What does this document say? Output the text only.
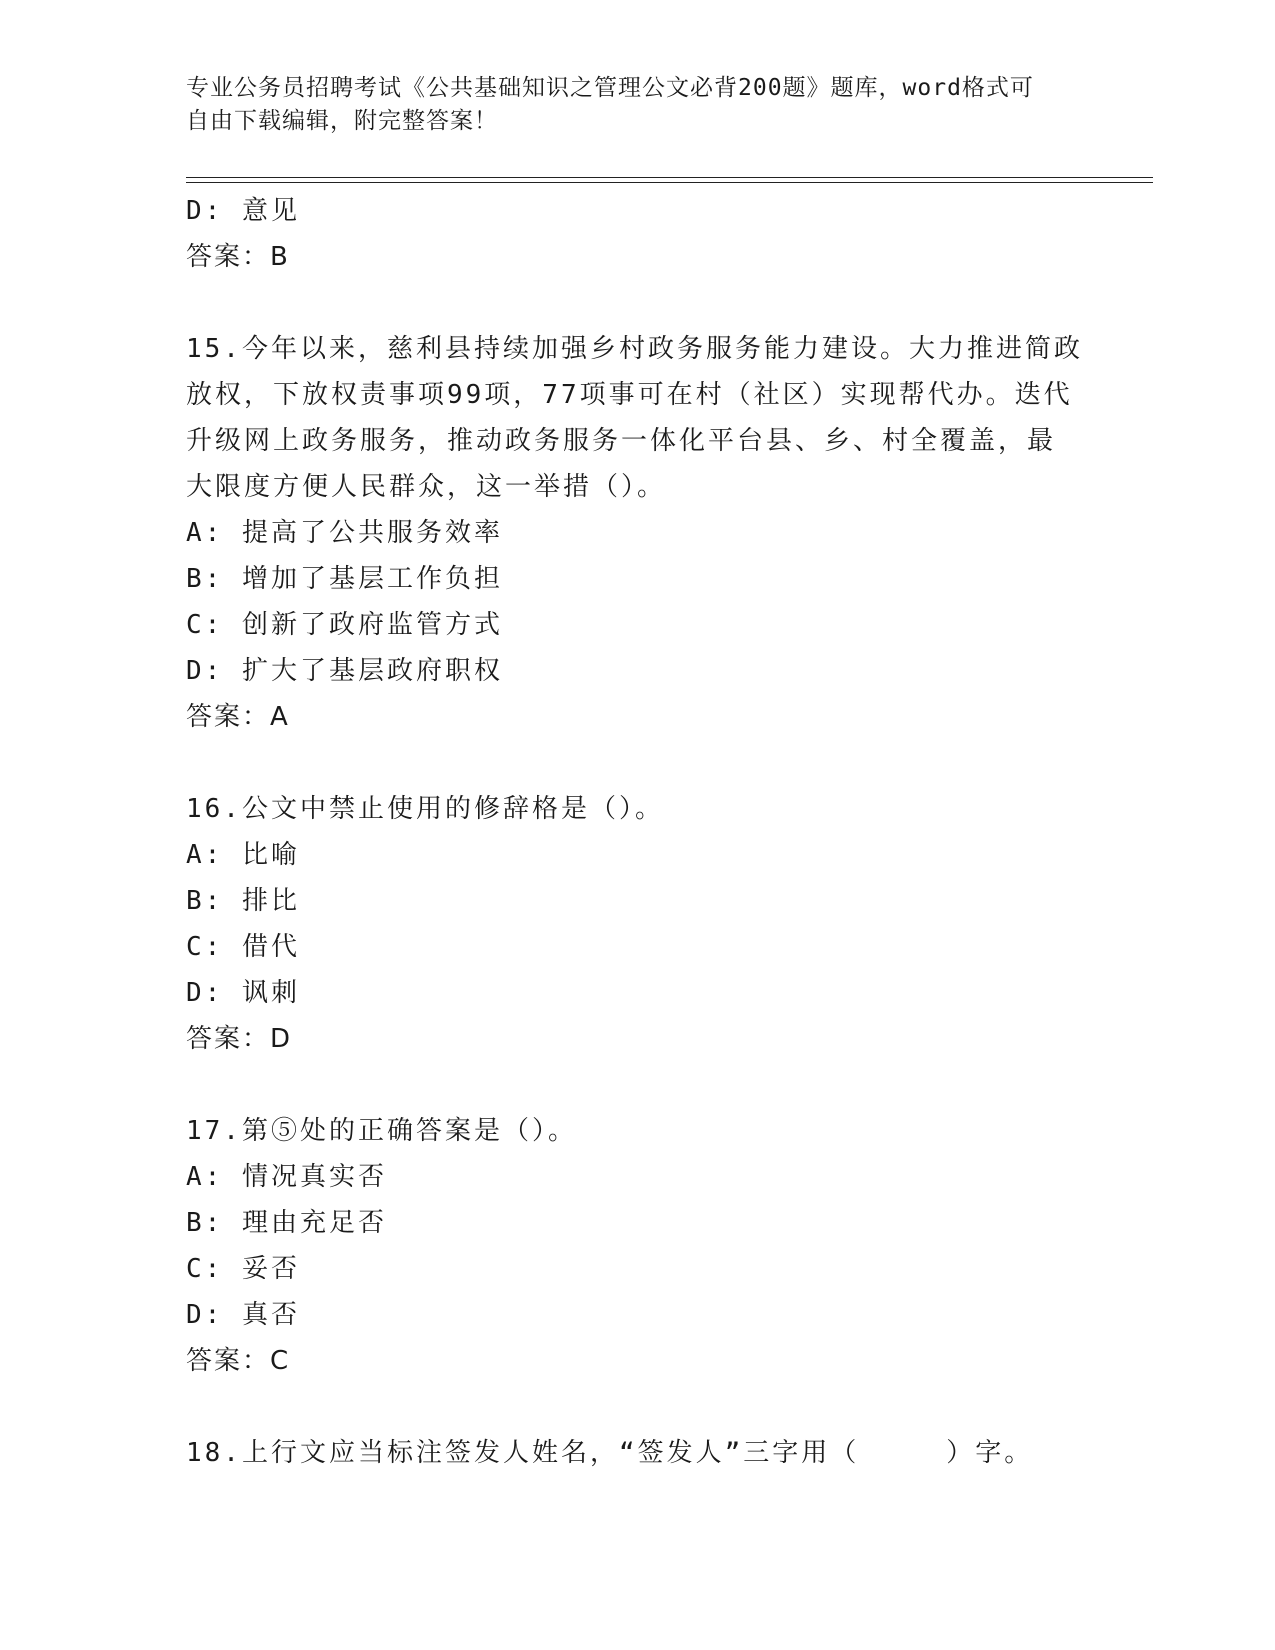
专业公务员招聘考试《公共基础知识之管理公文必背200题》题库，word格式可
自由下载编辑，附完整答案！
D: 意见
答案：B
15.今年以来，慈利县持续加强乡村政务服务能力建设。大力推进简政
放权，下放权责事项99项，77项事可在村（社区）实现帮代办。迭代
升级网上政务服务，推动政务服务一体化平台县、乡、村全覆盖，最
大限度方便人民群众，这一举措（）。
A: 提高了公共服务效率
B: 增加了基层工作负担
C: 创新了政府监管方式
D: 扩大了基层政府职权
答案：A
16.公文中禁止使用的修辞格是（）。
A: 比喻
B: 排比
C: 借代
D: 讽刺
答案：D
17.第⑤处的正确答案是（）。
A: 情况真实否
B: 理由充足否
C: 妥否
D: 真否
答案：C
18.上行文应当标注签发人姓名，“签发人”三字用（　　　）字。
